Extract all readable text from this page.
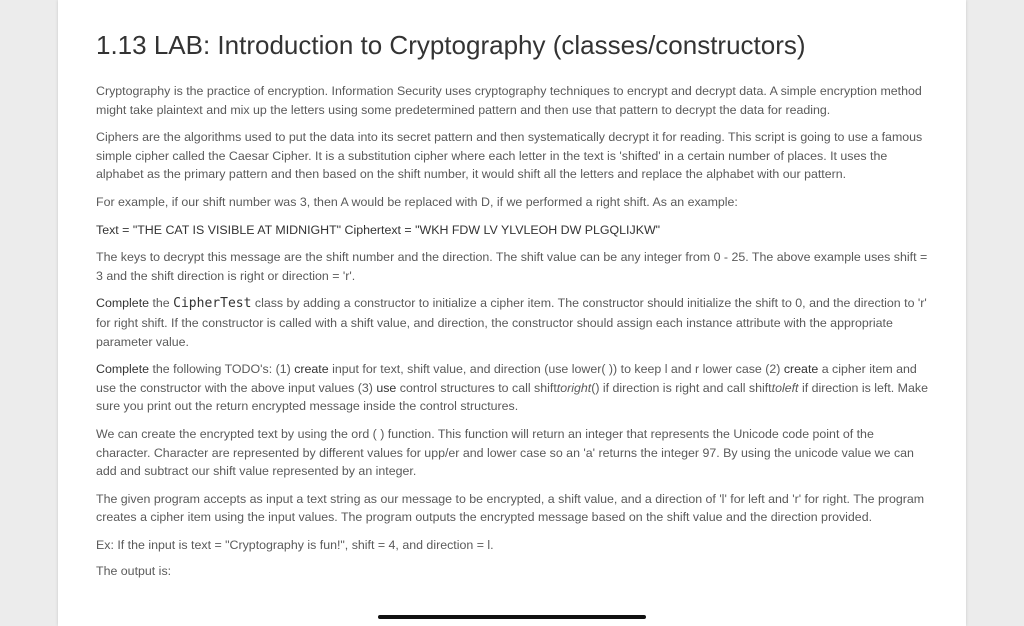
1.13 LAB: Introduction to Cryptography (classes/constructors)

Cryptography is the practice of encryption. Information Security uses cryptography techniques to encrypt and decrypt data. A simple encryption method might take plaintext and mix up the letters using some predetermined pattern and then use that pattern to decrypt the data for reading.

Ciphers are the algorithms used to put the data into its secret pattern and then systematically decrypt it for reading. This script is going to use a famous simple cipher called the Caesar Cipher. It is a substitution cipher where each letter in the text is 'shifted' in a certain number of places. It uses the alphabet as the primary pattern and then based on the shift number, it would shift all the letters and replace the alphabet with our pattern.

For example, if our shift number was 3, then A would be replaced with D, if we performed a right shift. As an example:

Text = "THE CAT IS VISIBLE AT MIDNIGHT" Ciphertext = "WKH FDW LV YLVLEOH DW PLGQLIJKW"

The keys to decrypt this message are the shift number and the direction. The shift value can be any integer from 0 - 25. The above example uses shift = 3 and the shift direction is right or direction = 'r'.

Complete the CipherTest class by adding a constructor to initialize a cipher item. The constructor should initialize the shift to 0, and the direction to 'r' for right shift. If the constructor is called with a shift value, and direction, the constructor should assign each instance attribute with the appropriate parameter value.

Complete the following TODO's: (1) create input for text, shift value, and direction (use lower( )) to keep l and r lower case (2) create a cipher item and use the constructor with the above input values (3) use control structures to call shifttoright() if direction is right and call shifttoleft if direction is left. Make sure you print out the return encrypted message inside the control structures.

We can create the encrypted text by using the ord ( ) function. This function will return an integer that represents the Unicode code point of the character. Character are represented by different values for upp/er and lower case so an 'a' returns the integer 97. By using the unicode value we can add and subtract our shift value represented by an integer.

The given program accepts as input a text string as our message to be encrypted, a shift value, and a direction of 'l' for left and 'r' for right. The program creates a cipher item using the input values. The program outputs the encrypted message based on the shift value and the direction provided.

Ex: If the input is text = "Cryptography is fun!", shift = 4, and direction = l.

The output is:
